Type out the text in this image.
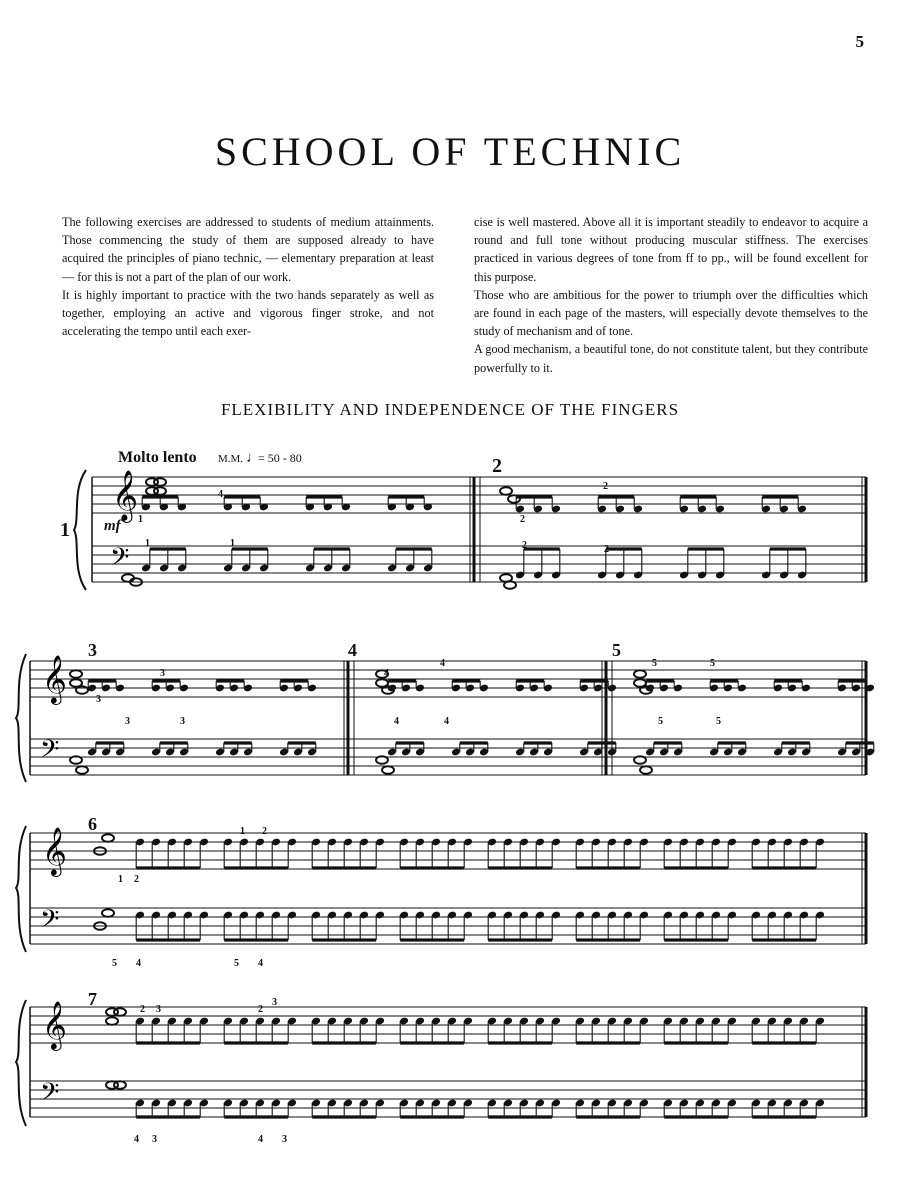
5
SCHOOL OF TECHNIC

The following exercises are addressed to students of medium attainments. Those commencing the study of them are supposed already to have acquired the principles of piano technic, — elementary preparation at least — for this is not a part of the plan of our work.

It is highly important to practice with the two hands separately as well as together, employing an active and vigorous finger stroke, and not accelerating the tempo until each exer-

cise is well mastered. Above all it is important steadily to endeavor to acquire a round and full tone without producing muscular stiffness. The exercises practiced in various degrees of tone from ff to pp., will be found excellent for this purpose.

Those who are ambitious for the power to triumph over the difficulties which are found in each page of the masters, will especially devote themselves to the study of mechanism and of tone.

A good mechanism, a beautiful tone, do not constitute talent, but they contribute powerfully to it.

FLEXIBILITY AND INDEPENDENCE OF THE FINGERS
𝄞
𝄢
𝄞
𝄢
𝄞
𝄢
𝄞
𝄢
1
4
1	1
2
2
2	2
3
3
3	3
4
4
4	4
5	5
5	5
1 2
1 2
5 4	5 4
2 3	2
3
4 3	4 3
1
2
3	4	5
6
7
Molto lento M.M. ♩
= 50 - 80
mf
